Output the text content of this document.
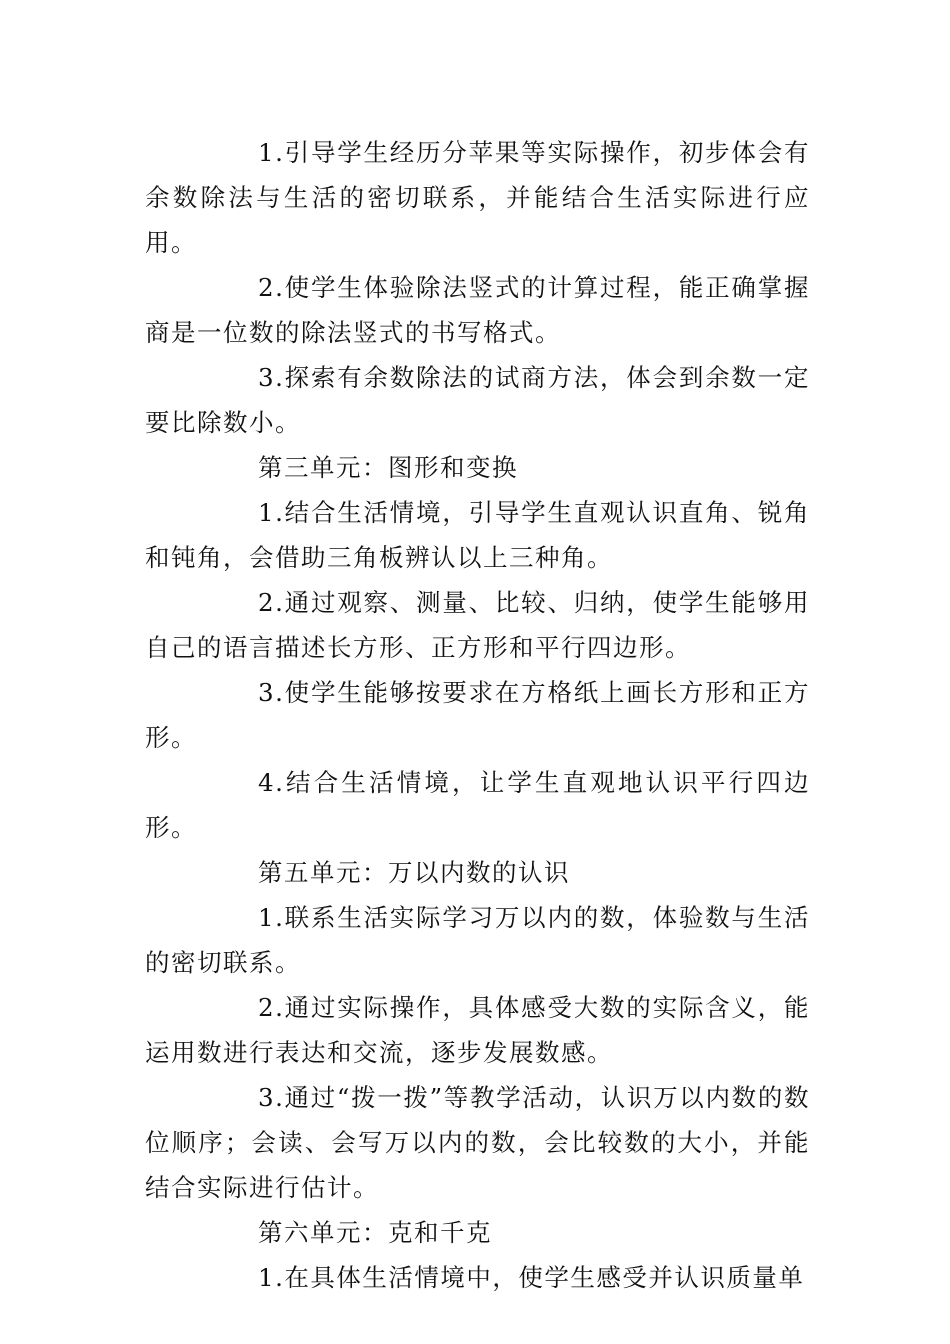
1.引导学生经历分苹果等实际操作，初步体会有余数除法与生活的密切联系，并能结合生活实际进行应用。

2.使学生体验除法竖式的计算过程，能正确掌握商是一位数的除法竖式的书写格式。

3.探索有余数除法的试商方法，体会到余数一定要比除数小。

第三单元：图形和变换

1.结合生活情境，引导学生直观认识直角、锐角和钝角，会借助三角板辨认以上三种角。

2.通过观察、测量、比较、归纳，使学生能够用自己的语言描述长方形、正方形和平行四边形。

3.使学生能够按要求在方格纸上画长方形和正方形。

4.结合生活情境，让学生直观地认识平行四边形。

第五单元：万以内数的认识

1.联系生活实际学习万以内的数，体验数与生活的密切联系。

2.通过实际操作，具体感受大数的实际含义，能运用数进行表达和交流，逐步发展数感。

3.通过“拨一拨”等教学活动，认识万以内数的数位顺序；会读、会写万以内的数，会比较数的大小，并能结合实际进行估计。

第六单元：克和千克

1.在具体生活情境中，使学生感受并认识质量单
